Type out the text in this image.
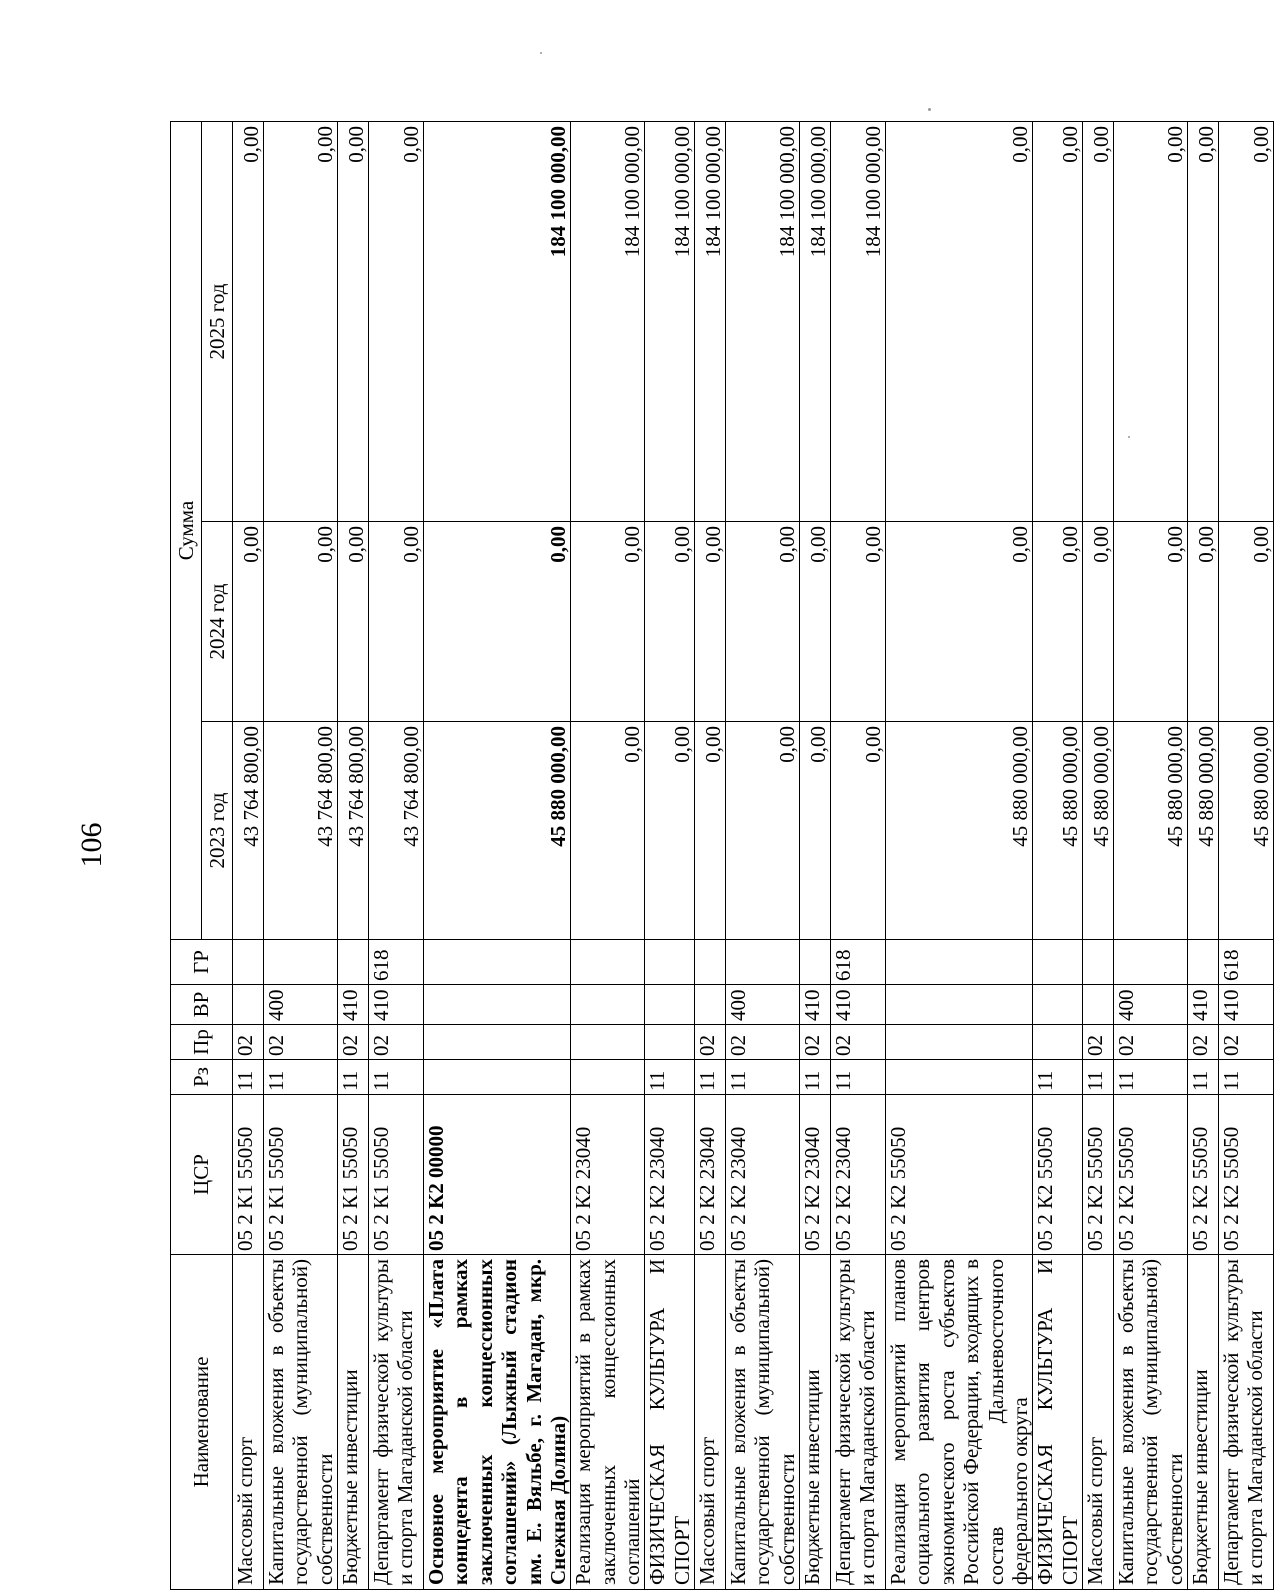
106
Наименование	ЦСР	Рз	Пр	ВР	ГР	Сумма		
						2023 год	2024 год	2025 год
Массовый спорт	05 2 К1 55050	11	02			43 764 800,00	0,00	0,00
Капитальные вложения в объекты государственной (муниципальной) собственности	05 2 К1 55050	11	02	400		43 764 800,00	0,00	0,00
Бюджетные инвестиции	05 2 К1 55050	11	02	410		43 764 800,00	0,00	0,00
Департамент физической культуры и спорта Магаданской области	05 2 К1 55050	11	02	410	618	43 764 800,00	0,00	0,00
Основное мероприятие «Плата концедента в рамках заключенных концессионных соглашений» (Лыжный стадион им. Е. Вяльбе, г. Магадан, мкр. Снежная Долина)	05 2 К2 00000					45 880 000,00	0,00	184 100 000,00
Реализация мероприятий в рамках заключенных концессионных соглашений	05 2 К2 23040					0,00	0,00	184 100 000,00
ФИЗИЧЕСКАЯ КУЛЬТУРА И СПОРТ	05 2 К2 23040	11				0,00	0,00	184 100 000,00
Массовый спорт	05 2 К2 23040	11	02			0,00	0,00	184 100 000,00
Капитальные вложения в объекты государственной (муниципальной) собственности	05 2 К2 23040	11	02	400		0,00	0,00	184 100 000,00
Бюджетные инвестиции	05 2 К2 23040	11	02	410		0,00	0,00	184 100 000,00
Департамент физической культуры и спорта Магаданской области	05 2 К2 23040	11	02	410	618	0,00	0,00	184 100 000,00
Реализация мероприятий планов социального развития центров экономического роста субъектов Российской Федерации, входящих в состав Дальневосточного федерального округа	05 2 К2 55050					45 880 000,00	0,00	0,00
ФИЗИЧЕСКАЯ КУЛЬТУРА И СПОРТ	05 2 К2 55050	11				45 880 000,00	0,00	0,00
Массовый спорт	05 2 К2 55050	11	02			45 880 000,00	0,00	0,00
Капитальные вложения в объекты государственной (муниципальной) собственности	05 2 К2 55050	11	02	400		45 880 000,00	0,00	0,00
Бюджетные инвестиции	05 2 К2 55050	11	02	410		45 880 000,00	0,00	0,00
Департамент физической культуры и спорта Магаданской области	05 2 К2 55050	11	02	410	618	45 880 000,00	0,00	0,00
